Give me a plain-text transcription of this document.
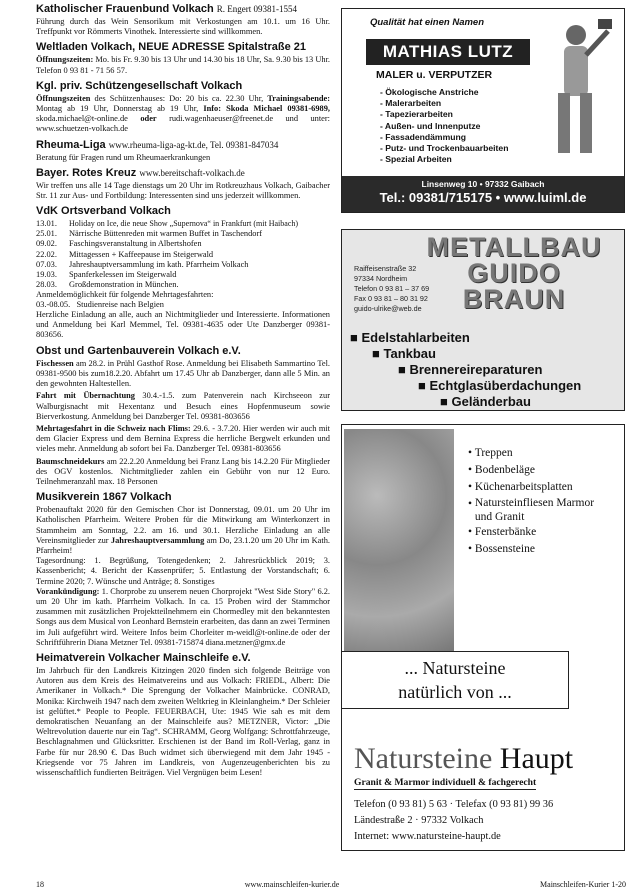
Katholischer Frauenbund Volkach R. Engert 09381-1554

Führung durch das Wein Sensorikum mit Verkostungen am 10.1. um 16 Uhr. Treffpunkt vor Römmerts Vinothek. Interessierte sind willkommen.

Weltladen Volkach, NEUE ADRESSE Spitalstraße 21

Öffnungszeiten: Mo. bis Fr. 9.30 bis 13 Uhr und 14.30 bis 18 Uhr, Sa. 9.30 bis 13 Uhr. Telefon 0 93 81 - 71 56 57.

Kgl. priv. Schützengesellschaft Volkach

Öffnungszeiten des Schützenhauses: Do: 20 bis ca. 22.30 Uhr, Trainingsabende: Montag ab 19 Uhr, Donnerstag ab 19 Uhr, Info: Skoda Michael 09381-6989, skoda.michael@t-online.de oder rudi.wagenhaeuser@freenet.de und unter: www.schuetzen-volkach.de

Rheuma-Liga www.rheuma-liga-ag-kt.de, Tel. 09381-847034

Beratung für Fragen rund um Rheumaerkrankungen

Bayer. Rotes Kreuz www.bereitschaft-volkach.de

Wir treffen uns alle 14 Tage dienstags um 20 Uhr im Rotkreuzhaus Volkach, Gaibacher Str. 11 zur Aus- und Fortbildung: Interessenten sind uns jederzeit willkommen.

VdK Ortsverband Volkach
13.01.	Holiday on Ice, die neue Show „Supernova“ in Frankfurt (mit Haibach)
25.01.	Närrische Büttenreden mit warmen Buffet in Taschendorf
09.02.	Faschingsveranstaltung in Albertshofen
22.02.	Mittagessen + Kaffeepause im Steigerwald
07.03.	Jahreshauptversammlung im kath. Pfarrheim Volkach
19.03.	Spanferkelessen im Steigerwald
28.03.	Großdemonstration in München.

Anmeldemöglichkeit für folgende Mehrtagesfahrten:

03.-08.05.   Studienreise nach Belgien

Herzliche Einladung an alle, auch an Nichtmitglieder und Interessierte. Informationen und Anmeldung bei Karl Memmel, Tel. 09381-4635 oder Ute Danzberger 09381-803656.

Obst und Gartenbauverein Volkach e.V.

Fischessen am 28.2. in Prühl Gasthof Rose. Anmeldung bei Elisabeth Sammartino Tel. 09381-9500 bis zum18.2.20. Abfahrt um 17.45 Uhr ab Danzberger, dann alle 5 Min. an den gewohnten Haltestellen.

Fahrt mit Übernachtung 30.4.-1.5. zum Patenverein nach Kirchseeon zur Walburgisnacht mit Hexentanz und Besuch eines Hopfenmuseum sowie Bierverkostung. Anmeldung bei Danzberger Tel. 09381-803656

Mehrtagesfahrt in die Schweiz nach Flims: 29.6. - 3.7.20. Hier werden wir auch mit dem Glacier Express und dem Bernina Express die herrliche Bergwelt erkunden und vieles mehr. Anmeldung ab sofort bei Fa. Danzberger Tel. 09381-803656

Baumschneidekurs am 22.2.20 Anmeldung bei Franz Lang bis 14.2.20 Für Mitglieder des OGV kostenlos. Nichtmitglieder zahlen ein Gebühr von nur 12 Euro. Teilnehmeranzahl max. 18 Personen

Musikverein 1867 Volkach

Probenauftakt 2020 für den Gemischen Chor ist Donnerstag, 09.01. um 20 Uhr im Katholischen Pfarrheim. Weitere Proben für die Mitwirkung am Winterkonzert in Stammheim am Sonntag, 2.2. am 16. und 30.1. Herzliche Einladung an alle Vereinsmitglieder zur Jahreshauptversammlung am Do, 23.1.20 um 20 Uhr im Kath. Pfarrheim!

Tagesordnung: 1. Begrüßung, Totengedenken; 2. Jahresrückblick 2019; 3. Kassenbericht; 4. Bericht der Kassenprüfer; 5. Entlastung der Vorstandschaft; 6. Termine 2020; 7. Wünsche und Anträge; 8. Sonstiges

Vorankündigung: 1. Chorprobe zu unserem neuen Chorprojekt "West Side Story" 6.2. um 20 Uhr im kath. Pfarrheim Volkach. In ca. 15 Proben wird der Stammchor zusammen mit zusätzlichen Projektteilnehmern ein Chormedley mit den bekanntesten Songs aus dem Musical von Leonhard Bernstein erarbeiten, das dann an zwei Terminen im Juli aufgeführt wird. Weitere Infos beim Chorleiter m-weidl@t-online.de oder der Schriftführerin Diana Metzner Tel. 09381-715874 diana.metzner@gmx.de

Heimatverein Volkacher Mainschleife e.V.

Im Jahrbuch für den Landkreis Kitzingen 2020 finden sich folgende Beiträge von Autoren aus dem Kreis des Heimatvereins und aus Volkach: FRIEDL, Albert: Die Amerikaner in Volkach.* Die Sprengung der Volkacher Mainbrücke. CONRAD, Monika: Kirchweih 1947 nach dem zweiten Weltkrieg in Kleinlangheim.* Der Schleier ist gelüftet.* People to People. FEUERBACH, Ute: 1945 Wie sah es mit dem demokratischen Neuanfang an der Mainschleife aus? METZNER, Victor: „Die Weltrevolution dauerte nur ein Tag“. SCHRAMM, Georg Wolfgang: Schrottfahrzeuge, Beschlagnahmen und Glücksritter. Erschienen ist der Band im Roll-Verlag, ganz in Farbe für nur 28.90 €. Das Buch widmet sich überwiegend mit dem Jahr 1945 - Kriegsende vor 75 Jahren im Landkreis, von Augenzeugenberichten bis zu wissenschaftlich fundierten Beiträgen. Viel Vergnügen beim Lesen!

Qualität hat einen Namen
MATHIAS LUTZ
MALER u. VERPUTZER
- Ökologische Anstriche
- Malerarbeiten
- Tapezierarbeiten
- Außen- und Innenputze
- Fassadendämmung
- Putz- und Trockenbauarbeiten
- Spezial Arbeiten
Linsenweg 10 • 97332 Gaibach
Tel.: 09381/715175 • www.luiml.de
METALLBAU
GUIDO
BRAUN
Raiffeisenstraße 32
97334 Nordheim
Telefon 0 93 81 – 37 69
Fax 0 93 81 – 80 31 92
guido-ulrike@web.de
■ Edelstahlarbeiten
■ Tankbau
■ Brennereireparaturen
■ Echtglasüberdachungen
■ Geländerbau
• Treppen
• Bodenbeläge
• Küchenarbeitsplatten
• Natursteinfliesen Marmor und Granit
• Fensterbänke
• Bossensteine
... Natursteine
natürlich von ...
Natursteine Haupt
Granit & Marmor individuell & fachgerecht
Telefon (0 93 81) 5 63 · Telefax (0 93 81) 99 36
Ländestraße 2 · 97332 Volkach
Internet: www.natursteine-haupt.de
18	www.mainschleifen-kurier.de	Mainschleifen-Kurier 1-20
